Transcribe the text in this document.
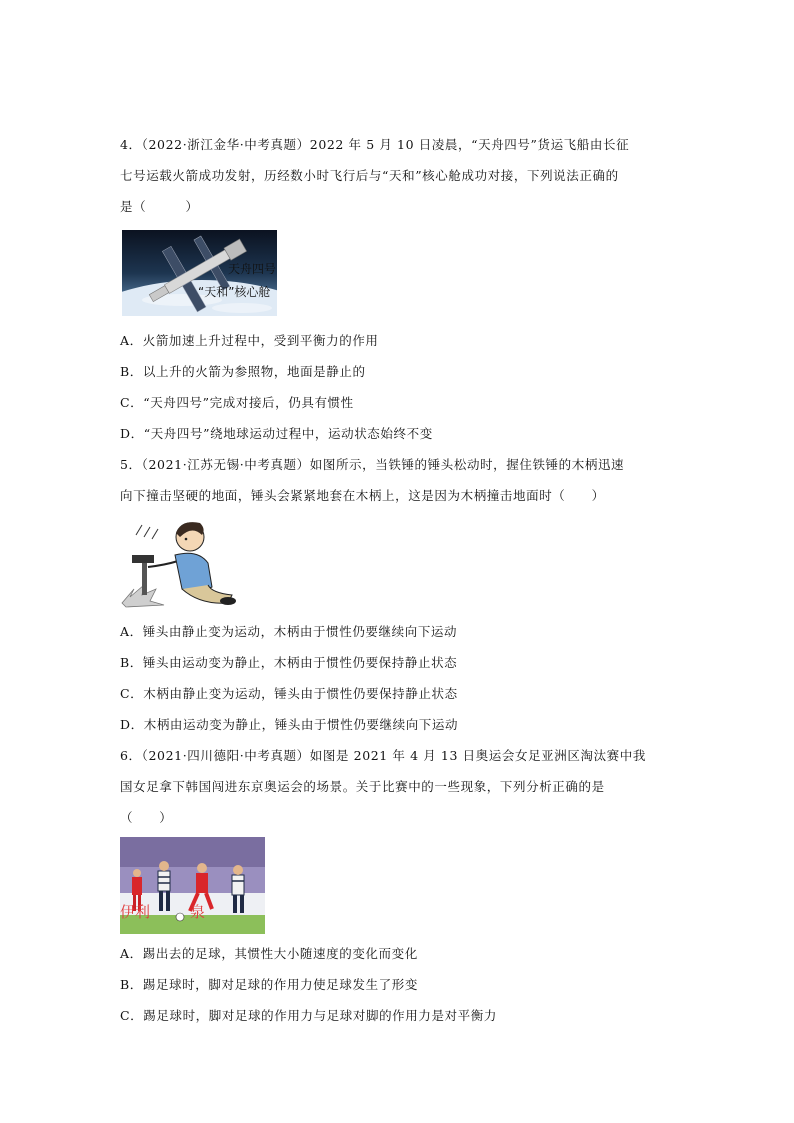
4．（2022·浙江金华·中考真题）2022 年 5 月 10 日凌晨，“天舟四号”货运飞船由长征
七号运载火箭成功发射，历经数小时飞行后与“天和”核心舱成功对接，下列说法正确的
是（　　　）
天舟四号
“天和”核心舱
A．火箭加速上升过程中，受到平衡力的作用
B．以上升的火箭为参照物，地面是静止的
C．“天舟四号”完成对接后，仍具有惯性
D．“天舟四号”绕地球运动过程中，运动状态始终不变
5．（2021·江苏无锡·中考真题）如图所示，当铁锤的锤头松动时，握住铁锤的木柄迅速
向下撞击坚硬的地面，锤头会紧紧地套在木柄上，这是因为木柄撞击地面时（　　）
A．锤头由静止变为运动，木柄由于惯性仍要继续向下运动
B．锤头由运动变为静止，木柄由于惯性仍要保持静止状态
C．木柄由静止变为运动，锤头由于惯性仍要保持静止状态
D．木柄由运动变为静止，锤头由于惯性仍要继续向下运动
6．（2021·四川德阳·中考真题）如图是 2021 年 4 月 13 日奥运会女足亚洲区淘汰赛中我
国女足拿下韩国闯进东京奥运会的场景。关于比赛中的一些现象，下列分析正确的是
（　　）
伊利	泉
A．踢出去的足球，其惯性大小随速度的变化而变化
B．踢足球时，脚对足球的作用力使足球发生了形变
C．踢足球时，脚对足球的作用力与足球对脚的作用力是对平衡力
